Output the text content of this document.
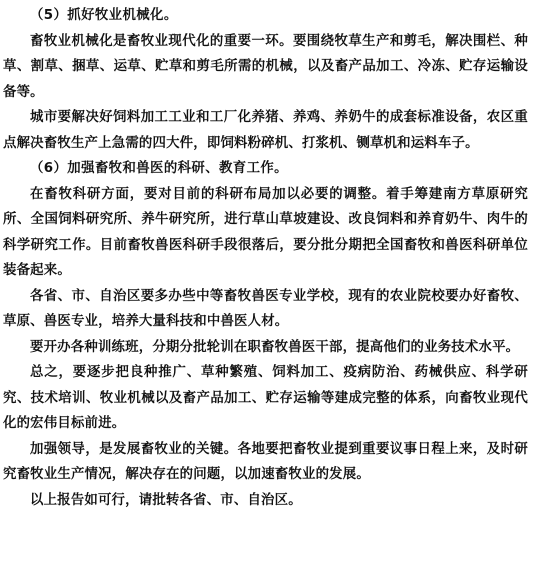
（5）抓好牧业机械化。

畜牧业机械化是畜牧业现代化的重要一环。要围绕牧草生产和剪毛，解决围栏、种草、割草、捆草、运草、贮草和剪毛所需的机械，以及畜产品加工、冷冻、贮存运输设备等。

城市要解决好饲料加工工业和工厂化养猪、养鸡、养奶牛的成套标准设备，农区重点解决畜牧生产上急需的四大件，即饲料粉碎机、打浆机、铡草机和运料车子。

（6）加强畜牧和兽医的科研、教育工作。

在畜牧科研方面，要对目前的科研布局加以必要的调整。着手筹建南方草原研究所、全国饲料研究所、养牛研究所，进行草山草坡建设、改良饲料和养育奶牛、肉牛的科学研究工作。目前畜牧兽医科研手段很落后，要分批分期把全国畜牧和兽医科研单位装备起来。

各省、市、自治区要多办些中等畜牧兽医专业学校，现有的农业院校要办好畜牧、草原、兽医专业，培养大量科技和中兽医人材。

要开办各种训练班，分期分批轮训在职畜牧兽医干部，提高他们的业务技术水平。

总之，要逐步把良种推广、草种繁殖、饲料加工、疫病防治、药械供应、科学研究、技术培训、牧业机械以及畜产品加工、贮存运输等建成完整的体系，向畜牧业现代化的宏伟目标前进。

加强领导，是发展畜牧业的关键。各地要把畜牧业提到重要议事日程上来，及时研究畜牧业生产情况，解决存在的问题，以加速畜牧业的发展。

以上报告如可行，请批转各省、市、自治区。
